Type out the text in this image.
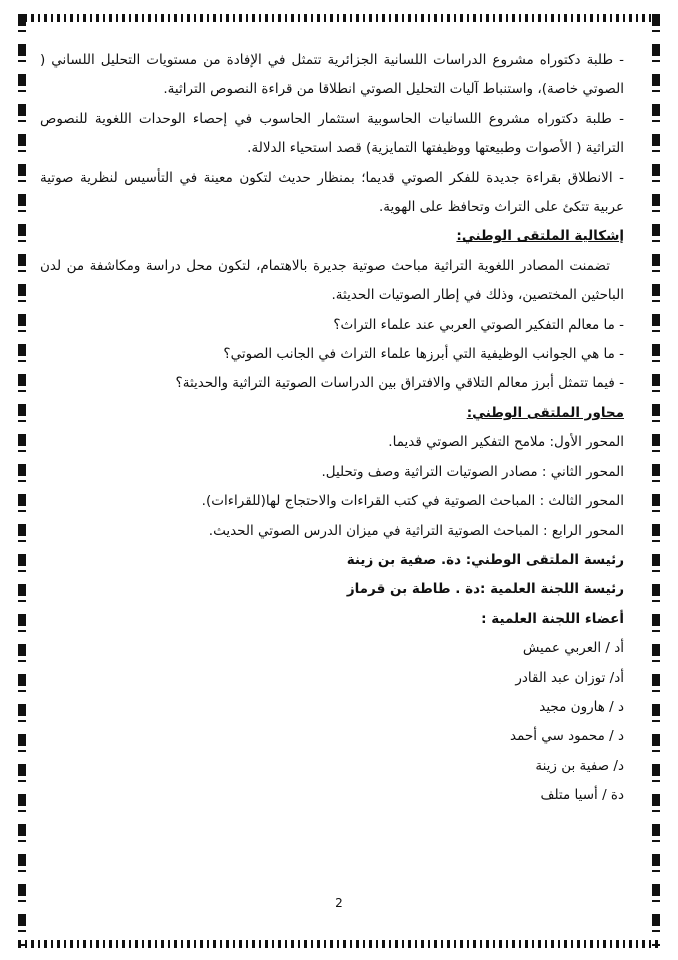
- طلبة دكتوراه مشروع الدراسات اللسانية الجزائرية تتمثل في الإفادة من مستويات التحليل اللساني ( الصوتي خاصة)، واستنباط آليات التحليل الصوتي انطلاقا من قراءة النصوص التراثية.

- طلبة دكتوراه مشروع اللسانيات الحاسوبية استثمار الحاسوب في إحصاء الوحدات اللغوية للنصوص التراثية ( الأصوات وطبيعتها ووظيفتها التمايزية) قصد استحياء الدلالة.

- الانطلاق بقراءة جديدة للفكر الصوتي قديما؛ بمنظار حديث لتكون معينة في التأسيس لنظرية صوتية عربية تتكئ على التراث وتحافظ على الهوية.

إشكالية الملتقى الوطني:

تضمنت المصادر اللغوية التراثية مباحث صوتية جديرة بالاهتمام، لتكون محل دراسة ومكاشفة من لدن الباحثين المختصين، وذلك في إطار الصوتيات الحديثة.

- ما معالم التفكير الصوتي العربي عند علماء التراث؟

- ما هي الجوانب الوظيفية التي أبرزها علماء التراث في الجانب الصوتي؟

- فيما تتمثل أبرز معالم التلاقي والافتراق بين الدراسات الصوتية التراثية والحديثة؟

محاور الملتقى الوطني:

المحور الأول: ملامح التفكير الصوتي قديما.

المحور الثاني : مصادر الصوتيات التراثية وصف وتحليل.

المحور الثالث : المباحث الصوتية في كتب القراءات والاحتجاج لها(للقراءات).

المحور الرابع : المباحث الصوتية التراثية في ميزان الدرس الصوتي الحديث.

رئيسة الملتقى الوطني: دة. صفية بن زينة

رئيسة اللجنة العلمية :دة . طاطة بن قرماز

أعضاء اللجنة العلمية :

أد / العربي عميش

أد/ توزان عبد القادر

د / هارون مجيد

د / محمود سي أحمد

د/ صفية بن زينة

دة / أسيا متلف

2
